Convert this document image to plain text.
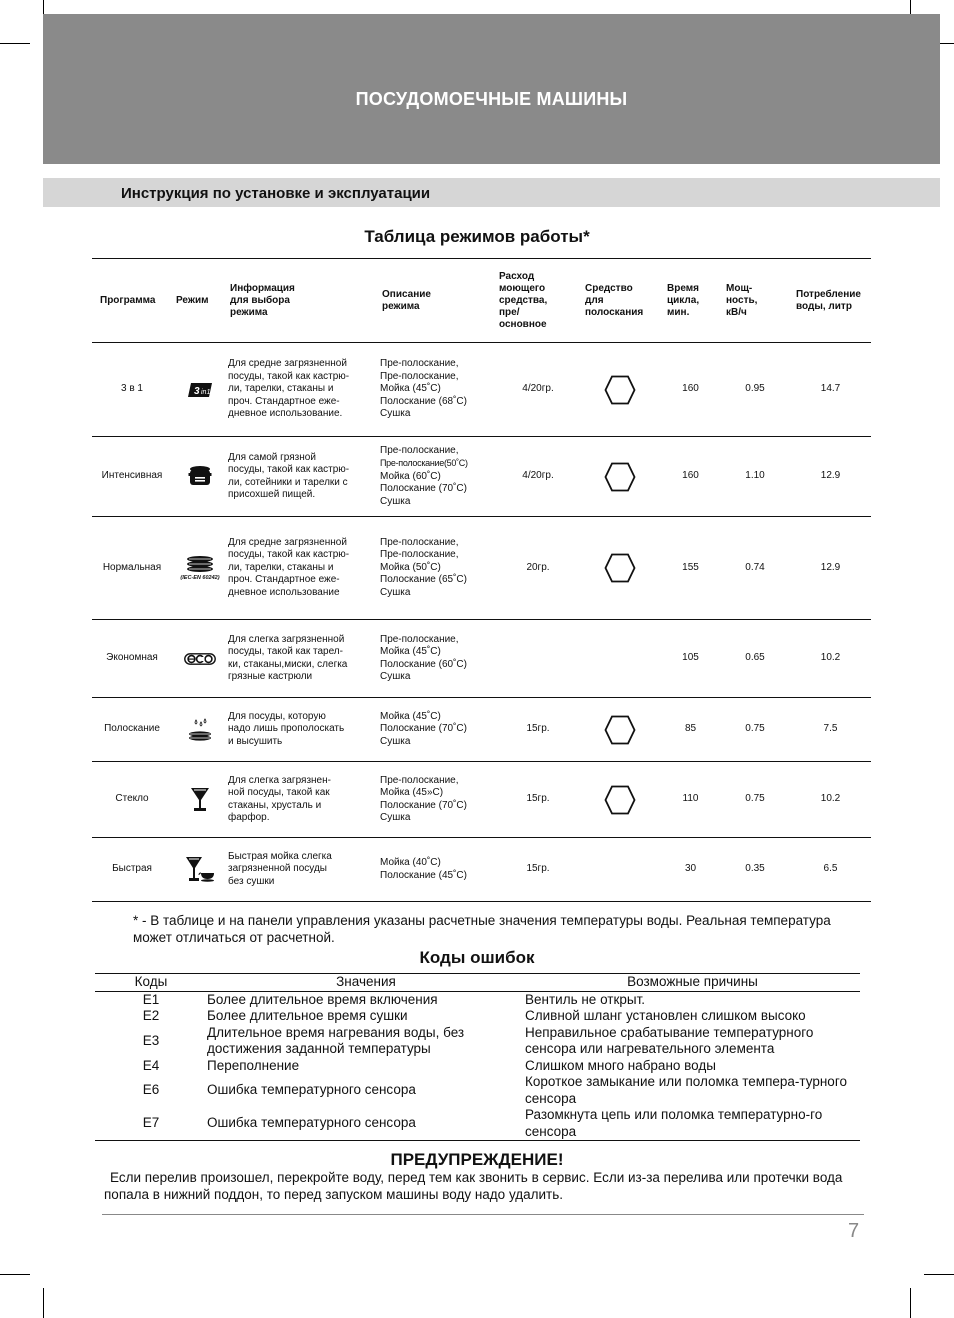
ПОСУДОМОЕЧНЫЕ МАШИНЫ
Инструкция по установке и эксплуатации
Таблица режимов работы*
Программа	Режим	Информация
для выбора
режима	Описание
режима	Расход
моющего
средства,
пре/
основное	Средство
для
полоскания	Время
цикла,
мин.	Мощ-
ность,
кВ/ч	Потребление
воды, литр
3 в 1	3 in1	Для средне загрязненной
посуды, такой как кастрю-
ли, тарелки, стаканы и
проч. Стандартное еже-
дневное использование.	Пре-полоскание,
Пре-полоскание,
Мойка (45˚C)
Полоскание (68˚C)
Сушка	4/20гр.		160	0.95	14.7
Интенсивная		Для самой грязной
посуды, такой как кастрю-
ли, сотейники и тарелки с
присохшей пищей.	Пре-полоскание,
Пре-полоскание(50˚C)
Мойка (60˚C)
Полоскание (70˚C)
Сушка	4/20гр.		160	1.10	12.9
Нормальная	(IEC-EN 60242)	Для средне загрязненной
посуды, такой как кастрю-
ли, тарелки, стаканы и
проч. Стандартное еже-
дневное использование	Пре-полоскание,
Пре-полоскание,
Мойка (50˚C)
Полоскание (65˚C)
Сушка	20гр.		155	0.74	12.9
Экономная		Для слегка загрязненной
посуды, такой как тарел-
ки, стаканы,миски, слегка
грязные кастрюли	Пре-полоскание,
Мойка (45˚C)
Полоскание (60˚C)
Сушка			105	0.65	10.2
Полоскание		Для посуды, которую
надо лишь прополоскать
и высушить	Мойка (45˚C)
Полоскание (70˚C)
Сушка	15гр.		85	0.75	7.5
Стекло		Для слегка загрязнен-
ной посуды, такой как
стаканы, хрусталь и
фарфор.	Пре-полоскание,
Мойка (45»C)
Полоскание (70˚C)
Сушка	15гр.		110	0.75	10.2
Быстрая		Быстрая мойка слегка
загрязненной посуды
без сушки	Мойка (40˚C)
Полоскание (45˚C)	15гр.		30	0.35	6.5
* - В таблице и на панели управления указаны расчетные значения температуры воды. Реальная температура может отличаться от расчетной.
Коды ошибок
Коды	Значения	Возможные причины
E1	Более длительное время включения	Вентиль не открыт.
E2	Более длительное время сушки	Сливной шланг установлен слишком высоко
E3	Длительное время нагревания воды, без достижения заданной температуры	Неправильное срабатывание температурного сенсора или нагревательного элемента
E4	Переполнение	Слишком много набрано воды
E6	Ошибка температурного сенсора	Короткое замыкание или поломка темпера-турного сенсора
E7	Ошибка температурного сенсора	Разомкнута цепь или поломка температурно-го сенсора
ПРЕДУПРЕЖДЕНИЕ!
Если перелив произошел, перекройте воду, перед тем как звонить в сервис. Если из-за перелива или протечки вода попала в нижний поддон, то перед запуском машины воду надо удалить.
7
